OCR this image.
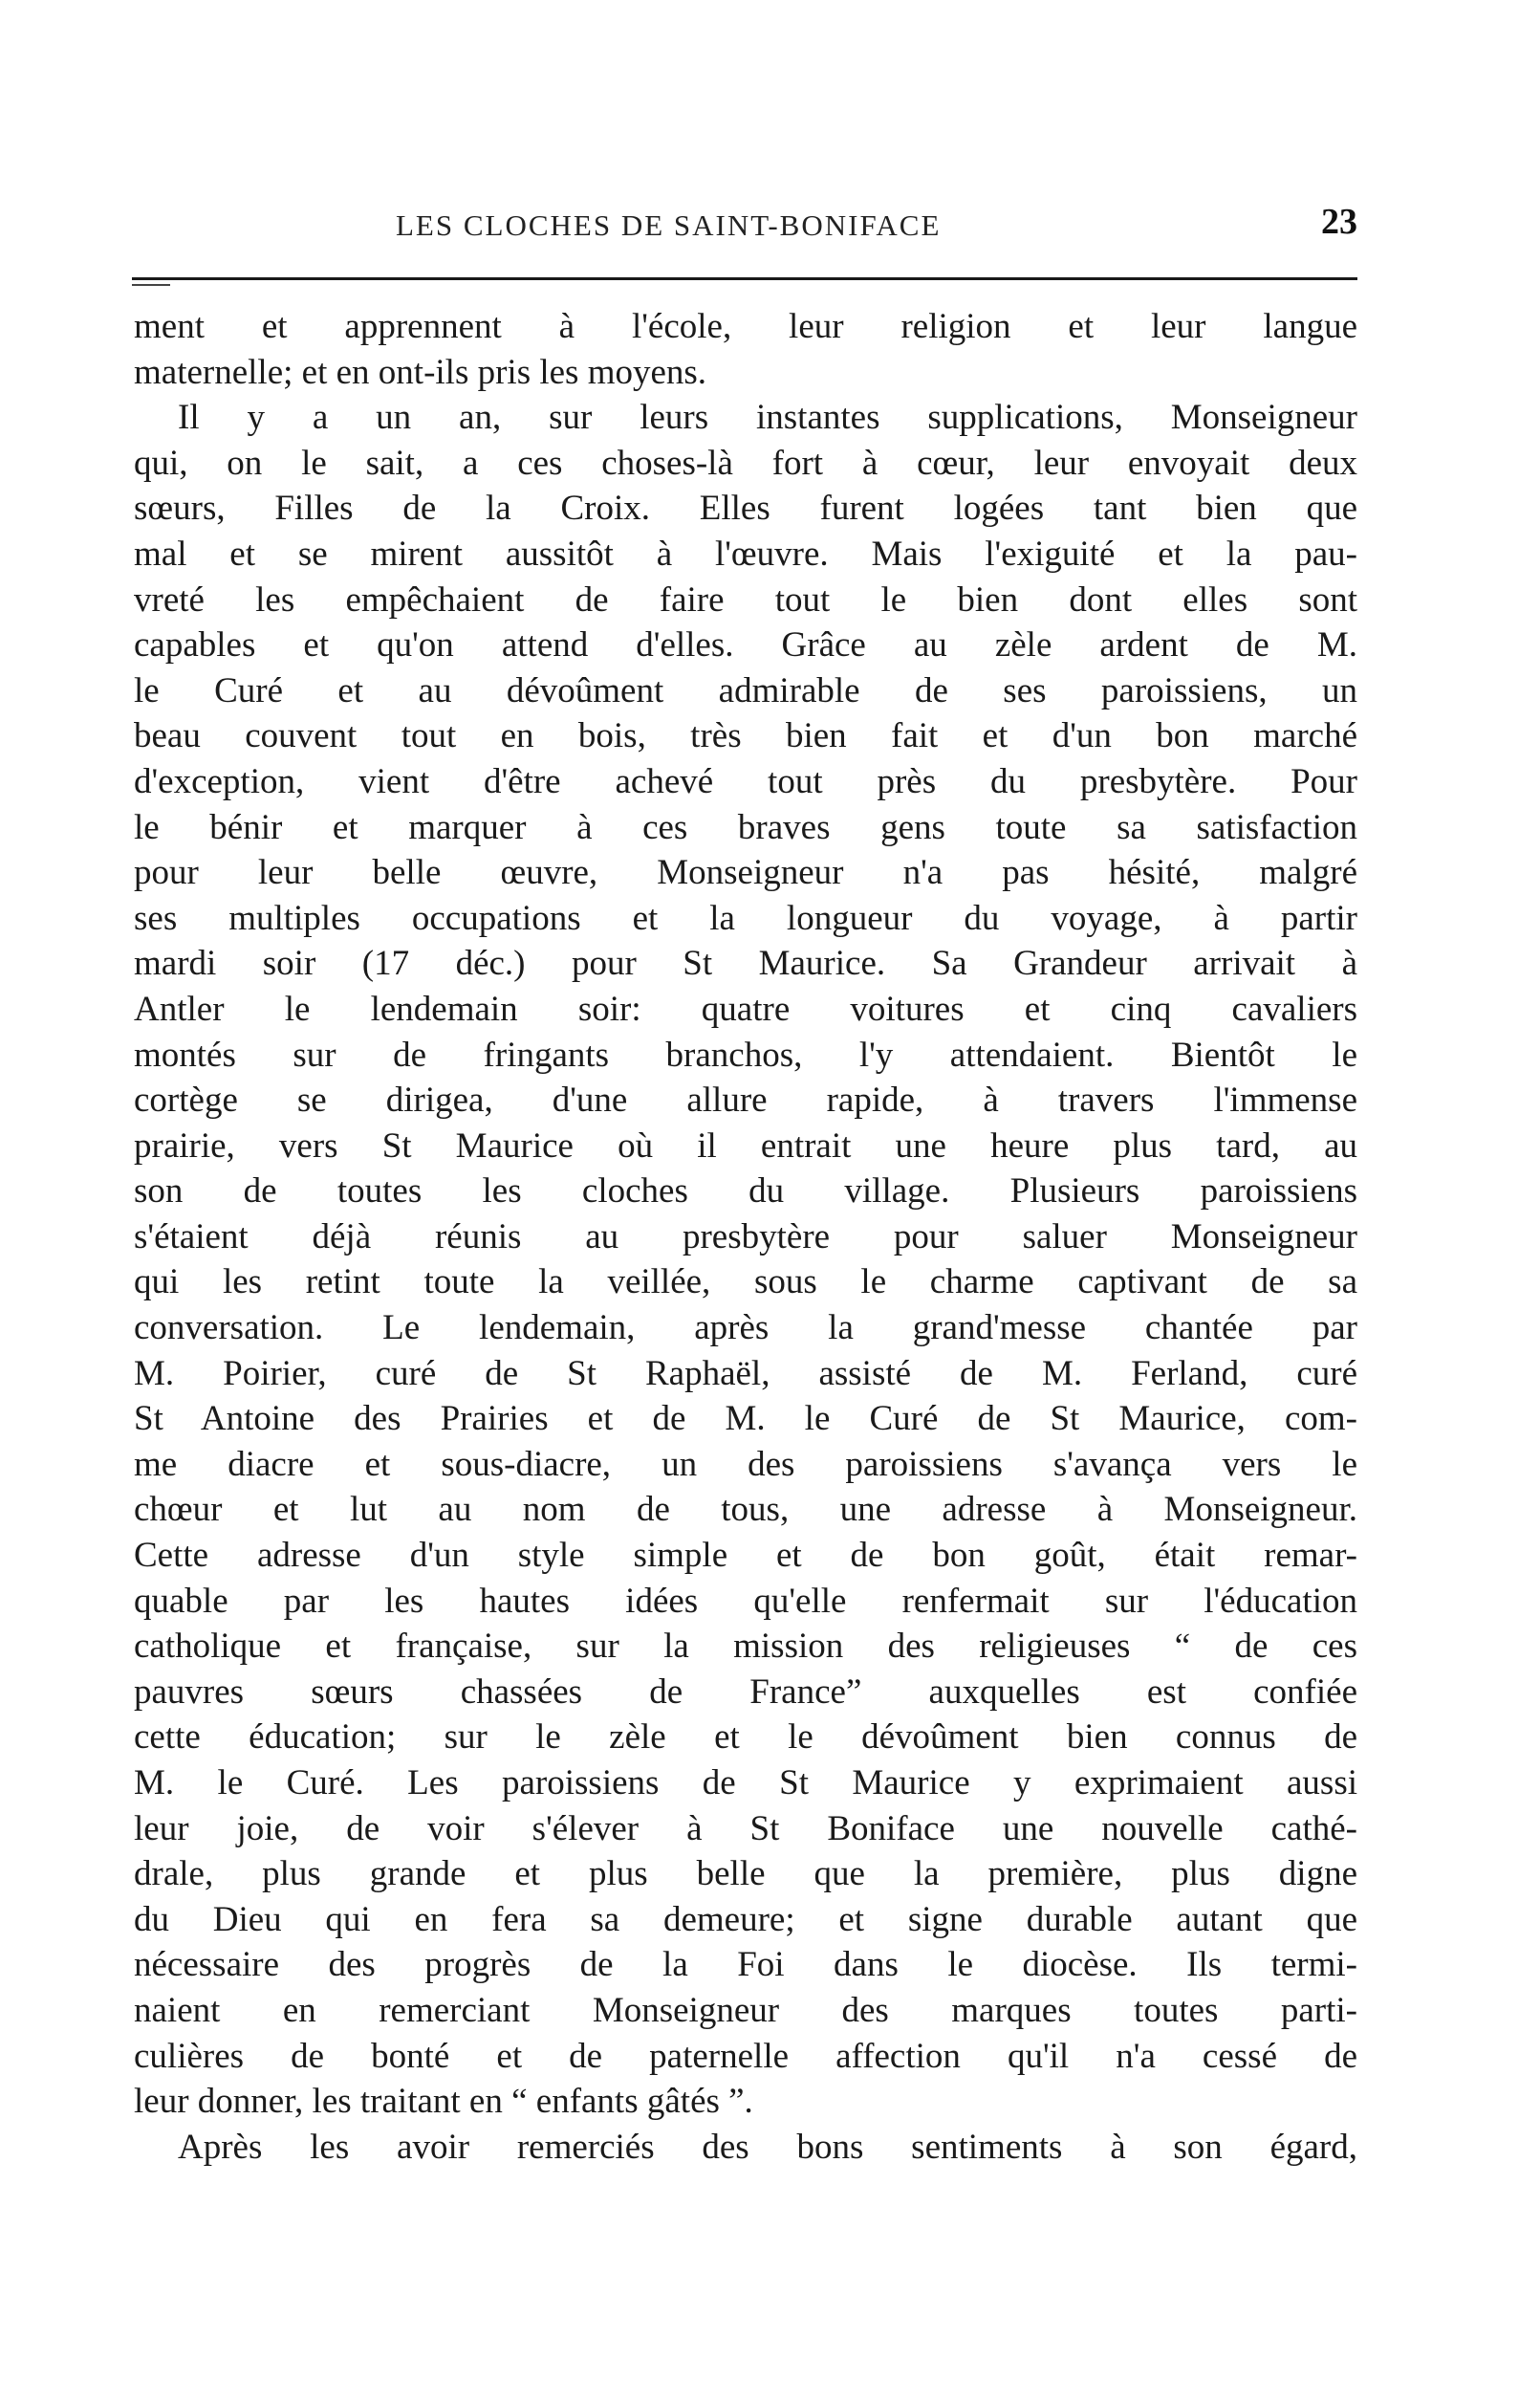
LES CLOCHES DE SAINT-BONIFACE	23
ment et apprennent à l'école, leur religion et leur langue
maternelle; et en ont-ils pris les moyens.
Il y a un an, sur leurs instantes supplications, Monseigneur
qui, on le sait, a ces choses-là fort à cœur, leur envoyait deux
sœurs, Filles de la Croix. Elles furent logées tant bien que
mal et se mirent aussitôt à l'œuvre. Mais l'exiguité et la pau-
vreté les empêchaient de faire tout le bien dont elles sont
capables et qu'on attend d'elles. Grâce au zèle ardent de M.
le Curé et au dévoûment admirable de ses paroissiens, un
beau couvent tout en bois, très bien fait et d'un bon marché
d'exception, vient d'être achevé tout près du presbytère. Pour
le bénir et marquer à ces braves gens toute sa satisfaction
pour leur belle œuvre, Monseigneur n'a pas hésité, malgré
ses multiples occupations et la longueur du voyage, à partir
mardi soir (17 déc.) pour St Maurice. Sa Grandeur arrivait à
Antler le lendemain soir: quatre voitures et cinq cavaliers
montés sur de fringants branchos, l'y attendaient. Bientôt le
cortège se dirigea, d'une allure rapide, à travers l'immense
prairie, vers St Maurice où il entrait une heure plus tard, au
son de toutes les cloches du village. Plusieurs paroissiens
s'étaient déjà réunis au presbytère pour saluer Monseigneur
qui les retint toute la veillée, sous le charme captivant de sa
conversation. Le lendemain, après la grand'messe chantée par
M. Poirier, curé de St Raphaël, assisté de M. Ferland, curé
St Antoine des Prairies et de M. le Curé de St Maurice, com-
me diacre et sous-diacre, un des paroissiens s'avança vers le
chœur et lut au nom de tous, une adresse à Monseigneur.
Cette adresse d'un style simple et de bon goût, était remar-
quable par les hautes idées qu'elle renfermait sur l'éducation
catholique et française, sur la mission des religieuses “ de ces
pauvres sœurs chassées de France” auxquelles est confiée
cette éducation; sur le zèle et le dévoûment bien connus de
M. le Curé. Les paroissiens de St Maurice y exprimaient aussi
leur joie, de voir s'élever à St Boniface une nouvelle cathé-
drale, plus grande et plus belle que la première, plus digne
du Dieu qui en fera sa demeure; et signe durable autant que
nécessaire des progrès de la Foi dans le diocèse. Ils termi-
naient en remerciant Monseigneur des marques toutes parti-
culières de bonté et de paternelle affection qu'il n'a cessé de
leur donner, les traitant en “ enfants gâtés ”.
Après les avoir remerciés des bons sentiments à son égard,
